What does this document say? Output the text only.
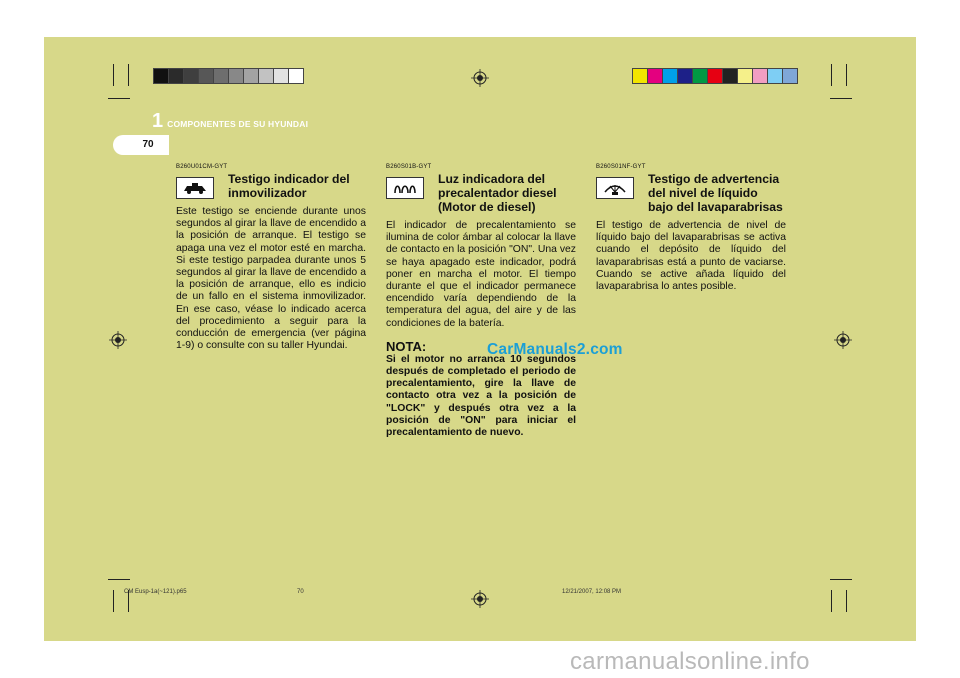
1 COMPONENTES DE SU HYUNDAI
70
B260U01CM-GYT
Testigo indicador del inmovilizador
Este testigo se enciende durante unos segundos al girar la llave de encendido a la posición de arranque. El testigo se apaga una vez el motor esté en marcha. Si este testigo parpadea durante unos 5 segundos al girar la llave de encendido a la posición de arranque, ello es indicio de un fallo en el sistema inmovilizador. En ese caso, véase lo indicado acerca del procedimiento a seguir para la conducción de emergencia (ver página 1-9) o consulte con su taller Hyundai.
B260S01B-GYT
Luz indicadora del precalentador diesel (Motor de diesel)
El indicador de precalentamiento se ilumina de color ámbar al colocar la llave de contacto en la posición "ON". Una vez se haya apagado este indicador, podrá poner en marcha el motor. El tiempo durante el que el indicador permanece encendido varía dependiendo de la temperatura del agua, del aire y de las condiciones de la batería.
NOTA:
Si el motor no arranca 10 segundos después de completado el periodo de precalentamiento, gire la llave de contacto otra vez a la posición de "LOCK" y después otra vez a la posición de "ON" para iniciar el precalentamiento de nuevo.
B260S01NF-GYT
Testigo de advertencia del nivel de líquido bajo del lavaparabrisas
El testigo de advertencia de nivel de líquido bajo del lavaparabrisas se activa cuando el depósito de líquido del lavaparabrisas está a punto de vaciarse. Cuando se active añada líquido del lavaparabrisa lo antes posible.
CarManuals2.com
CM Eusp-1a(~121).p65	70	12/21/2007, 12:08 PM
carmanualsonline.info
